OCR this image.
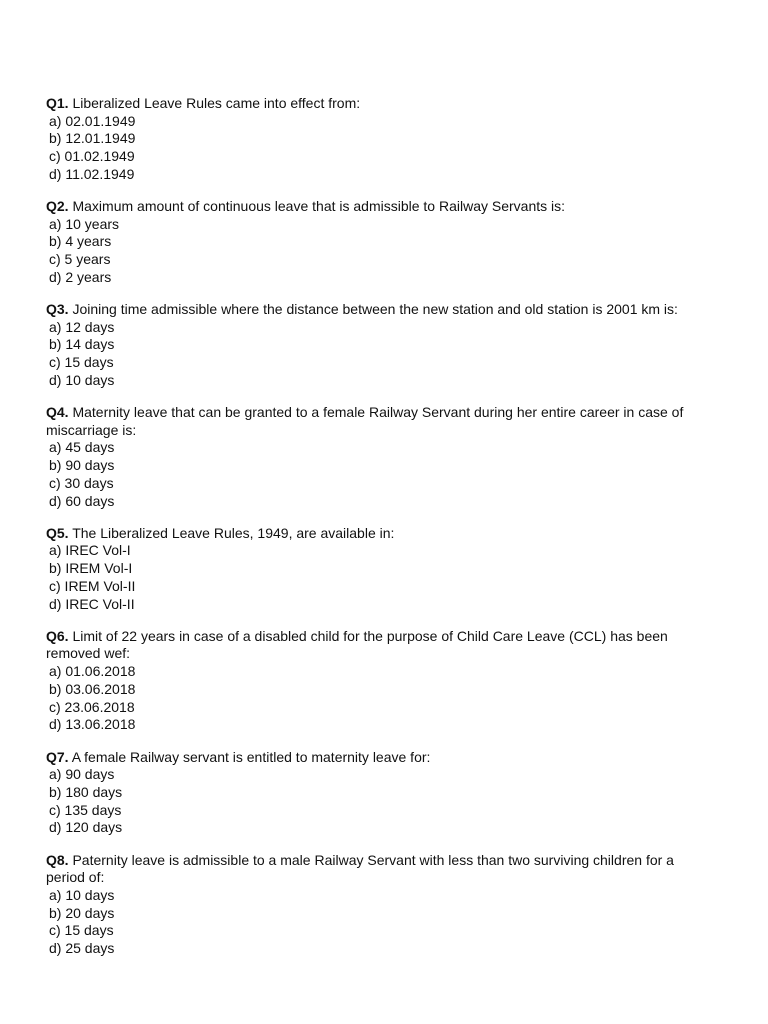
Q1. Liberalized Leave Rules came into effect from:

a) 02.01.1949
b) 12.01.1949
c) 01.02.1949
d) 11.02.1949

Q2. Maximum amount of continuous leave that is admissible to Railway Servants is:

a) 10 years
b) 4 years
c) 5 years
d) 2 years

Q3. Joining time admissible where the distance between the new station and old station is 2001 km is:

a) 12 days
b) 14 days
c) 15 days
d) 10 days

Q4. Maternity leave that can be granted to a female Railway Servant during her entire career in case of miscarriage is:

a) 45 days
b) 90 days
c) 30 days
d) 60 days

Q5. The Liberalized Leave Rules, 1949, are available in:

a) IREC Vol-I
b) IREM Vol-I
c) IREM Vol-II
d) IREC Vol-II

Q6. Limit of 22 years in case of a disabled child for the purpose of Child Care Leave (CCL) has been removed wef:

a) 01.06.2018
b) 03.06.2018
c) 23.06.2018
d) 13.06.2018

Q7. A female Railway servant is entitled to maternity leave for:

a) 90 days
b) 180 days
c) 135 days
d) 120 days

Q8. Paternity leave is admissible to a male Railway Servant with less than two surviving children for a period of:

a) 10 days
b) 20 days
c) 15 days
d) 25 days
